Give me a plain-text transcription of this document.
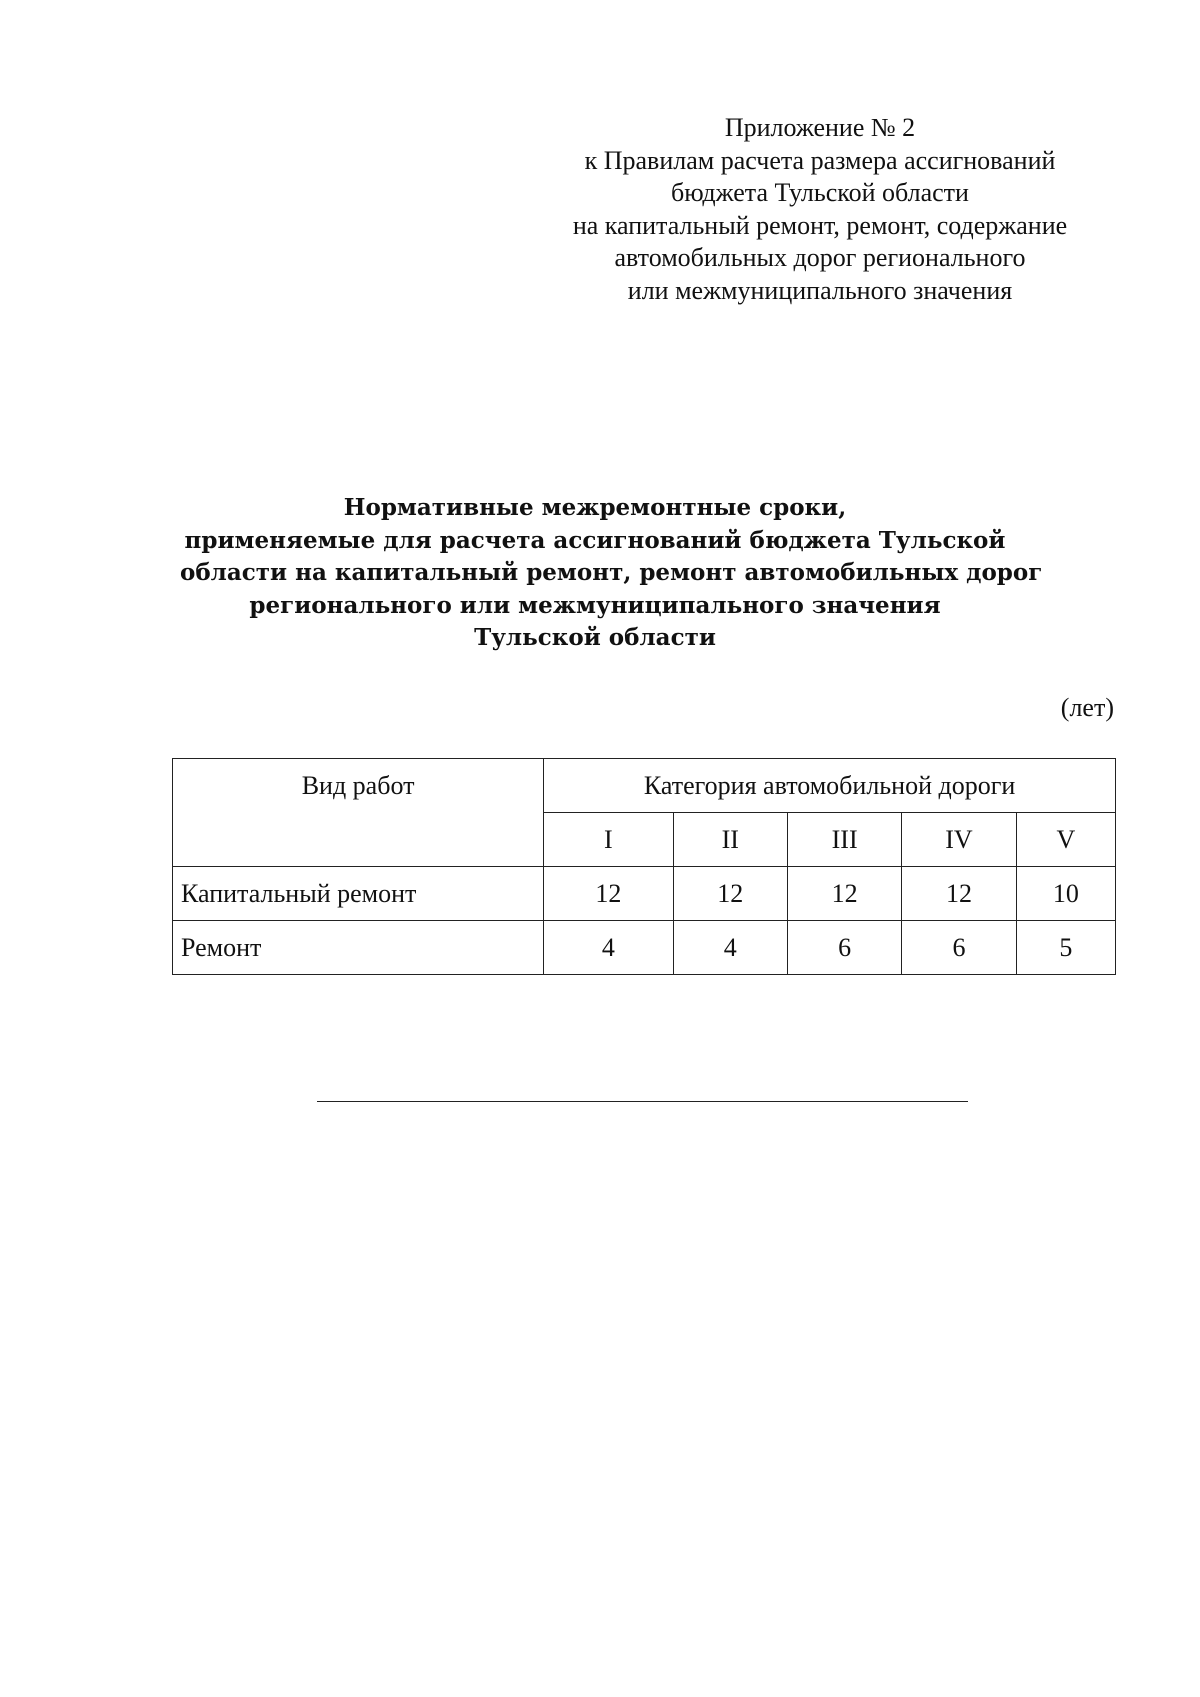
Приложение № 2
к Правилам расчета размера ассигнований
бюджета Тульской области
на капитальный ремонт, ремонт, содержание
автомобильных дорог регионального
или межмуниципального значения
Нормативные межремонтные сроки,
применяемые для расчета ассигнований бюджета Тульской
области на капитальный ремонт, ремонт автомобильных дорог
регионального или межмуниципального значения
Тульской области
(лет)
Вид работ	Категория автомобильной дороги				
	I	II	III	IV	V
Капитальный ремонт	12	12	12	12	10
Ремонт	4	4	6	6	5
